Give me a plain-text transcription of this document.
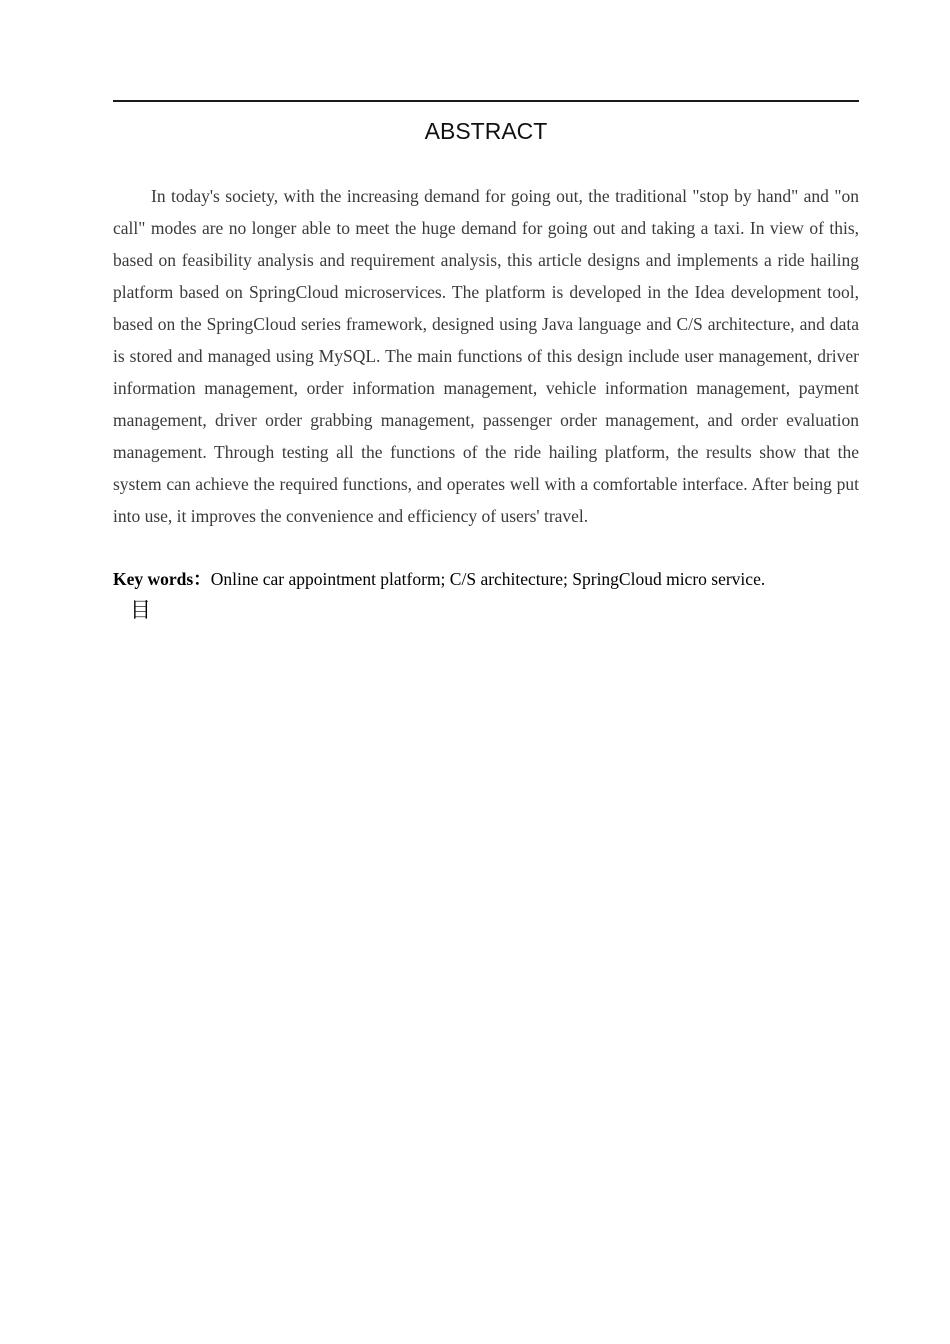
ABSTRACT

In today's society, with the increasing demand for going out, the traditional "stop by hand" and "on call" modes are no longer able to meet the huge demand for going out and taking a taxi. In view of this, based on feasibility analysis and requirement analysis, this article designs and implements a ride hailing platform based on SpringCloud microservices. The platform is developed in the Idea development tool, based on the SpringCloud series framework, designed using Java language and C/S architecture, and data is stored and managed using MySQL. The main functions of this design include user management, driver information management, order information management, vehicle information management, payment management, driver order grabbing management, passenger order management, and order evaluation management. Through testing all the functions of the ride hailing platform, the results show that the system can achieve the required functions, and operates well with a comfortable interface. After being put into use, it improves the convenience and efficiency of users' travel.

Key words：Online car appointment platform; C/S architecture; SpringCloud micro service.

目
